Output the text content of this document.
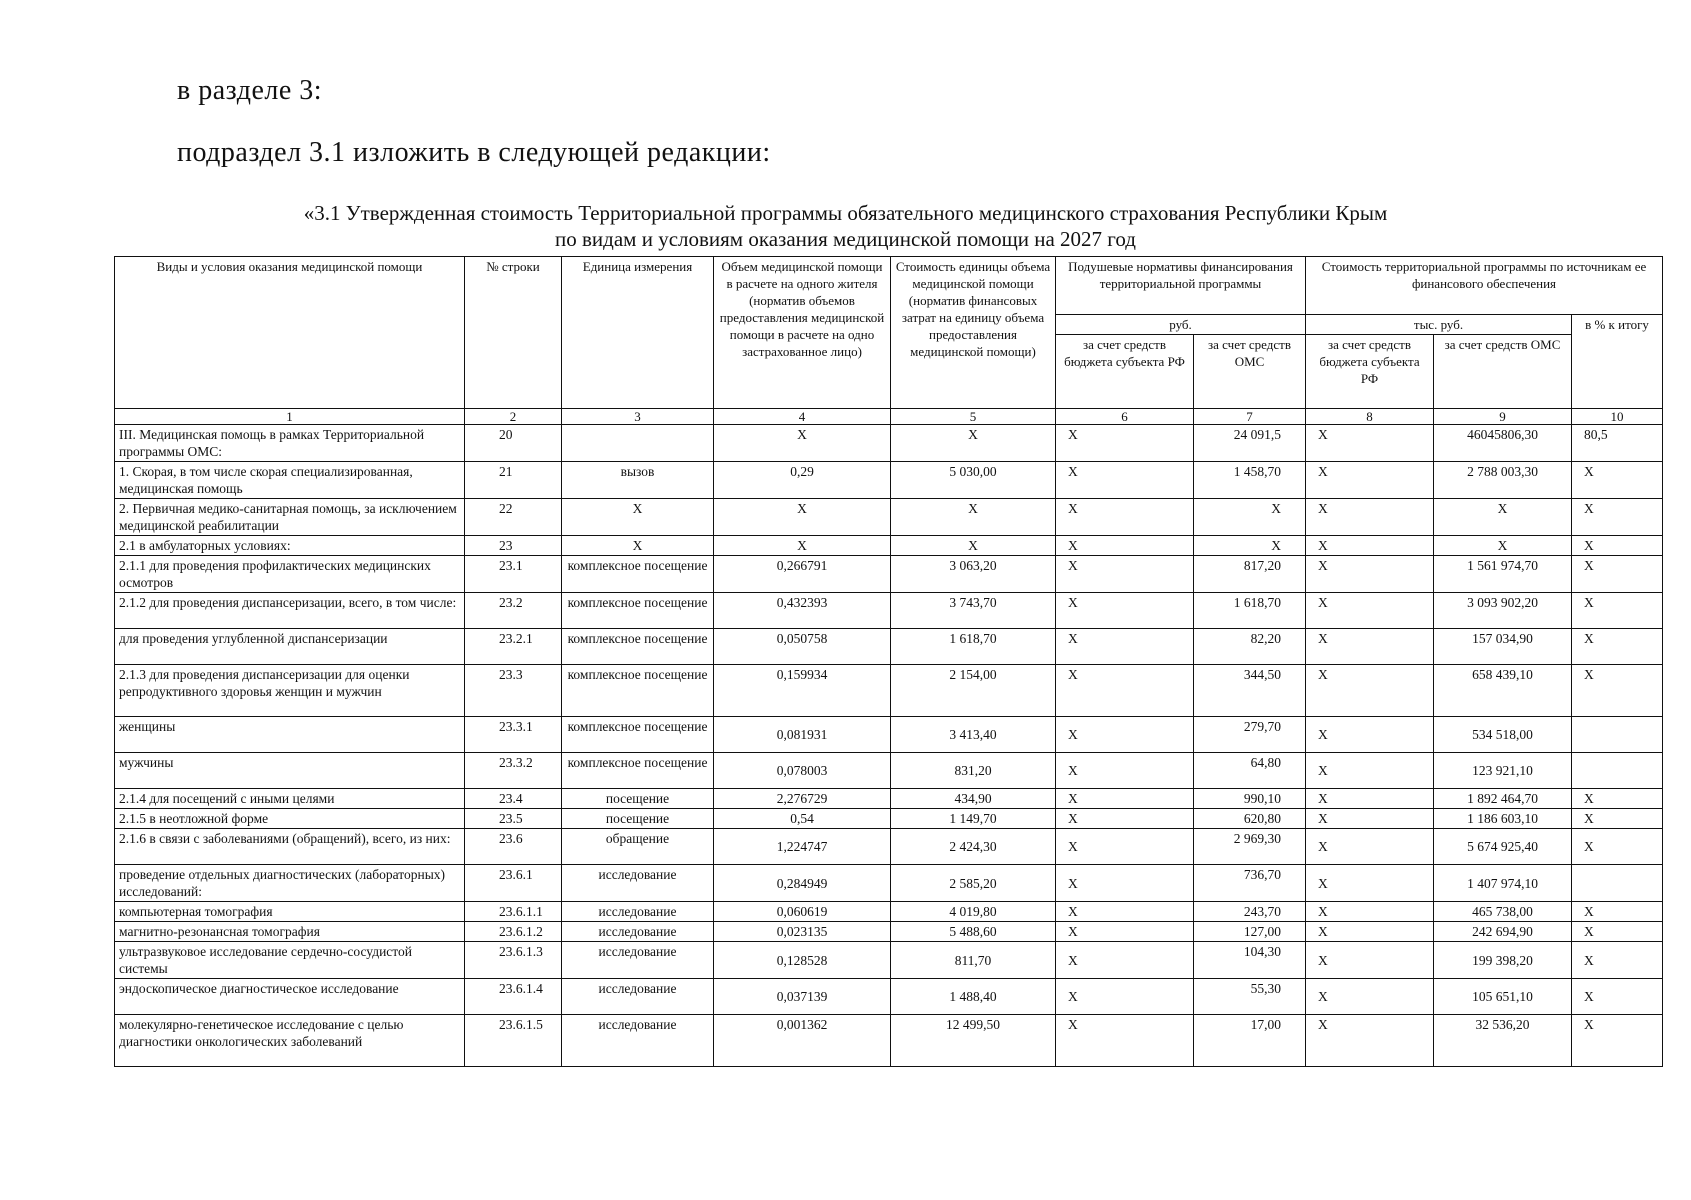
в разделе 3:
подраздел 3.1 изложить в следующей редакции:
«3.1 Утвержденная стоимость Территориальной программы обязательного медицинского страхования Республики Крым
по видам и условиям оказания медицинской помощи на 2027 год
Виды и условия оказания медицинской помощи	№ строки	Единица измерения	Объем медицинской помощи в расчете на одного жителя (норматив объемов предоставления медицинской помощи в расчете на одно застрахованное лицо)	Стоимость единицы объема медицинской помощи (норматив финансовых затрат на единицу объема предоставления медицинской помощи)	Подушевые нормативы финансирования территориальной программы		Стоимость территориальной программы по источникам ее финансового обеспечения		
					руб.		тыс. руб.		в % к итогу
					за счет средств бюджета субъекта РФ	за счет средств ОМС	за счет средств бюджета субъекта РФ	за счет средств ОМС	
1	2	3	4	5	6	7	8	9	10
III. Медицинская помощь в рамках Территориальной программы ОМС:	20		X	X	X	24 091,5	X	46045806,30	80,5
1. Скорая, в том числе скорая специализированная, медицинская помощь	21	вызов	0,29	5 030,00	X	1 458,70	X	2 788 003,30	X
2. Первичная медико-санитарная помощь, за исключением медицинской реабилитации	22	X	X	X	X	X	X	X	X
2.1 в амбулаторных условиях:	23	X	X	X	X	X	X	X	X
2.1.1 для проведения профилактических медицинских осмотров	23.1	комплексное посещение	0,266791	3 063,20	X	817,20	X	1 561 974,70	X
2.1.2 для проведения диспансеризации, всего, в том числе:	23.2	комплексное посещение	0,432393	3 743,70	X	1 618,70	X	3 093 902,20	X
для проведения углубленной диспансеризации	23.2.1	комплексное посещение	0,050758	1 618,70	X	82,20	X	157 034,90	X
2.1.3 для проведения диспансеризации для оценки репродуктивного здоровья женщин и мужчин	23.3	комплексное посещение	0,159934	2 154,00	X	344,50	X	658 439,10	X
женщины	23.3.1	комплексное посещение	0,081931	3 413,40	X	279,70	X	534 518,00	
мужчины	23.3.2	комплексное посещение	0,078003	831,20	X	64,80	X	123 921,10	
2.1.4 для посещений с иными целями	23.4	посещение	2,276729	434,90	X	990,10	X	1 892 464,70	X
2.1.5 в неотложной форме	23.5	посещение	0,54	1 149,70	X	620,80	X	1 186 603,10	X
2.1.6 в связи с заболеваниями (обращений), всего, из них:	23.6	обращение	1,224747	2 424,30	X	2 969,30	X	5 674 925,40	X
проведение отдельных диагностических (лабораторных) исследований:	23.6.1	исследование	0,284949	2 585,20	X	736,70	X	1 407 974,10	
компьютерная томография	23.6.1.1	исследование	0,060619	4 019,80	X	243,70	X	465 738,00	X
магнитно-резонансная томография	23.6.1.2	исследование	0,023135	5 488,60	X	127,00	X	242 694,90	X
ультразвуковое исследование сердечно-сосудистой системы	23.6.1.3	исследование	0,128528	811,70	X	104,30	X	199 398,20	X
эндоскопическое диагностическое исследование	23.6.1.4	исследование	0,037139	1 488,40	X	55,30	X	105 651,10	X
молекулярно-генетическое исследование с целью диагностики онкологических заболеваний	23.6.1.5	исследование	0,001362	12 499,50	X	17,00	X	32 536,20	X
